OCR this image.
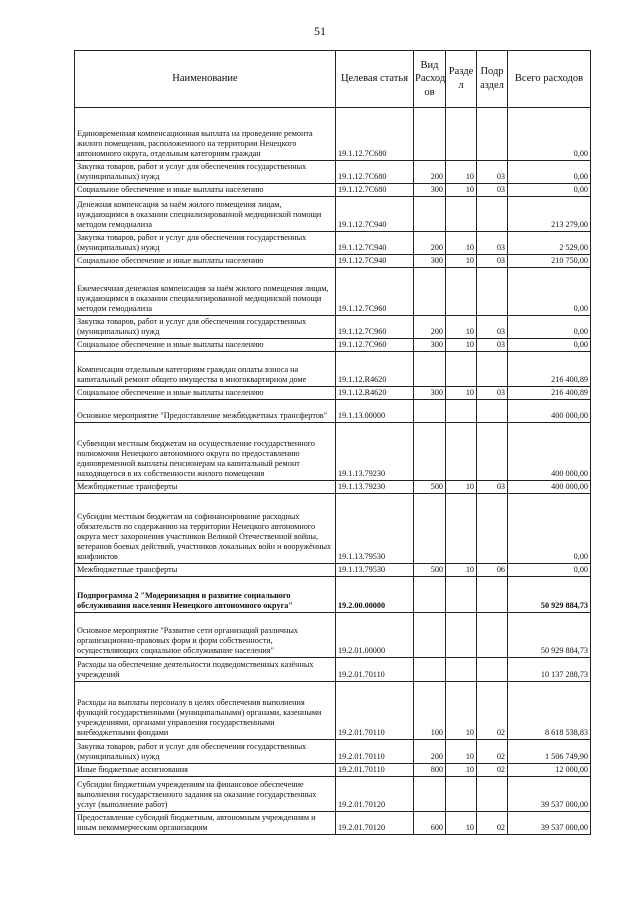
51
Наименование	Целевая статья	Вид Расход ов	Разде л	Подр аздел	Всего расходов
Единовременная компенсационная выплата на проведение ремонта жилого помещения, расположенного на территории Ненецкого автономного округа, отдельным категориям граждан	19.1.12.7С680				0,00
Закупка товаров, работ и услуг для обеспечения государственных (муниципальных) нужд	19.1.12.7С680	200	10	03	0,00
Социальное обеспечение и иные выплаты населению	19.1.12.7С680	300	10	03	0,00
Денежная компенсация за наём жилого помещения лицам, нуждающимся в оказании специализированной медицинской помощи методом гемодиализа	19.1.12.7С940				213 279,00
Закупка товаров, работ и услуг для обеспечения государственных (муниципальных) нужд	19.1.12.7С940	200	10	03	2 529,00
Социальное обеспечение и иные выплаты населению	19.1.12.7С940	300	10	03	210 750,00
Ежемесячная денежная компенсация за наём жилого помещения лицам, нуждающимся в оказании специализированной медицинской помощи методом гемодиализа	19.1.12.7С960				0,00
Закупка товаров, работ и услуг для обеспечения государственных (муниципальных) нужд	19.1.12.7С960	200	10	03	0,00
Социальное обеспечение и иные выплаты населению	19.1.12.7С960	300	10	03	0,00
Компенсация отдельным категориям граждан оплаты взноса на капитальный ремонт общего имущества в многоквартирном доме	19.1.12.R4620				216 400,89
Социальное обеспечение и иные выплаты населению	19.1.12.R4620	300	10	03	216 400,89
Основное мероприятие "Предоставление межбюджетных трансфертов"	19.1.13.00000				400 000,00
Субвенции местным бюджетам на осуществление государственного полномочия Ненецкого автономного округа по предоставлению единовременной выплаты пенсионерам на капитальный ремонт находящегося в их собственности жилого помещения	19.1.13.79230				400 000,00
Межбюджетные трансферты	19.1.13.79230	500	10	03	400 000,00
Субсидии местным бюджетам на софинансирование расходных обязательств по содержанию на территории Ненецкого автономного округа мест захоронения участников Великой Отечественной войны, ветеранов боевых действий, участников локальных войн и вооружённых конфликтов	19.1.13.79530				0,00
Межбюджетные трансферты	19.1.13.79530	500	10	06	0,00
Подпрограмма 2 "Модернизация и развитие социального обслуживания населения Ненецкого автономного округа"	19.2.00.00000				50 929 884,73
Основное мероприятие "Развитие сети организаций различных организационно-правовых форм и форм собственности, осуществляющих социальное обслуживание населения"	19.2.01.00000				50 929 884,73
Расходы на обеспечение деятельности подведомственных казённых учреждений	19.2.01.70110				10 137 288,73
Расходы на выплаты персоналу в целях обеспечения выполнения функций государственными (муниципальными) органами, казенными учреждениями, органами управления государственными внебюджетными фондами	19.2.01.70110	100	10	02	8 618 538,83
Закупка товаров, работ и услуг для обеспечения государственных (муниципальных) нужд	19.2.01.70110	200	10	02	1 506 749,90
Иные бюджетные ассигнования	19.2.01.70110	800	10	02	12 000,00
Субсидии бюджетным учреждениям на финансовое обеспечение выполнения государственного задания на оказание государственных услуг (выполнение работ)	19.2.01.70120				39 537 000,00
Предоставление субсидий бюджетным, автономным учреждениям и иным некоммерческим организациям	19.2.01.70120	600	10	02	39 537 000,00
